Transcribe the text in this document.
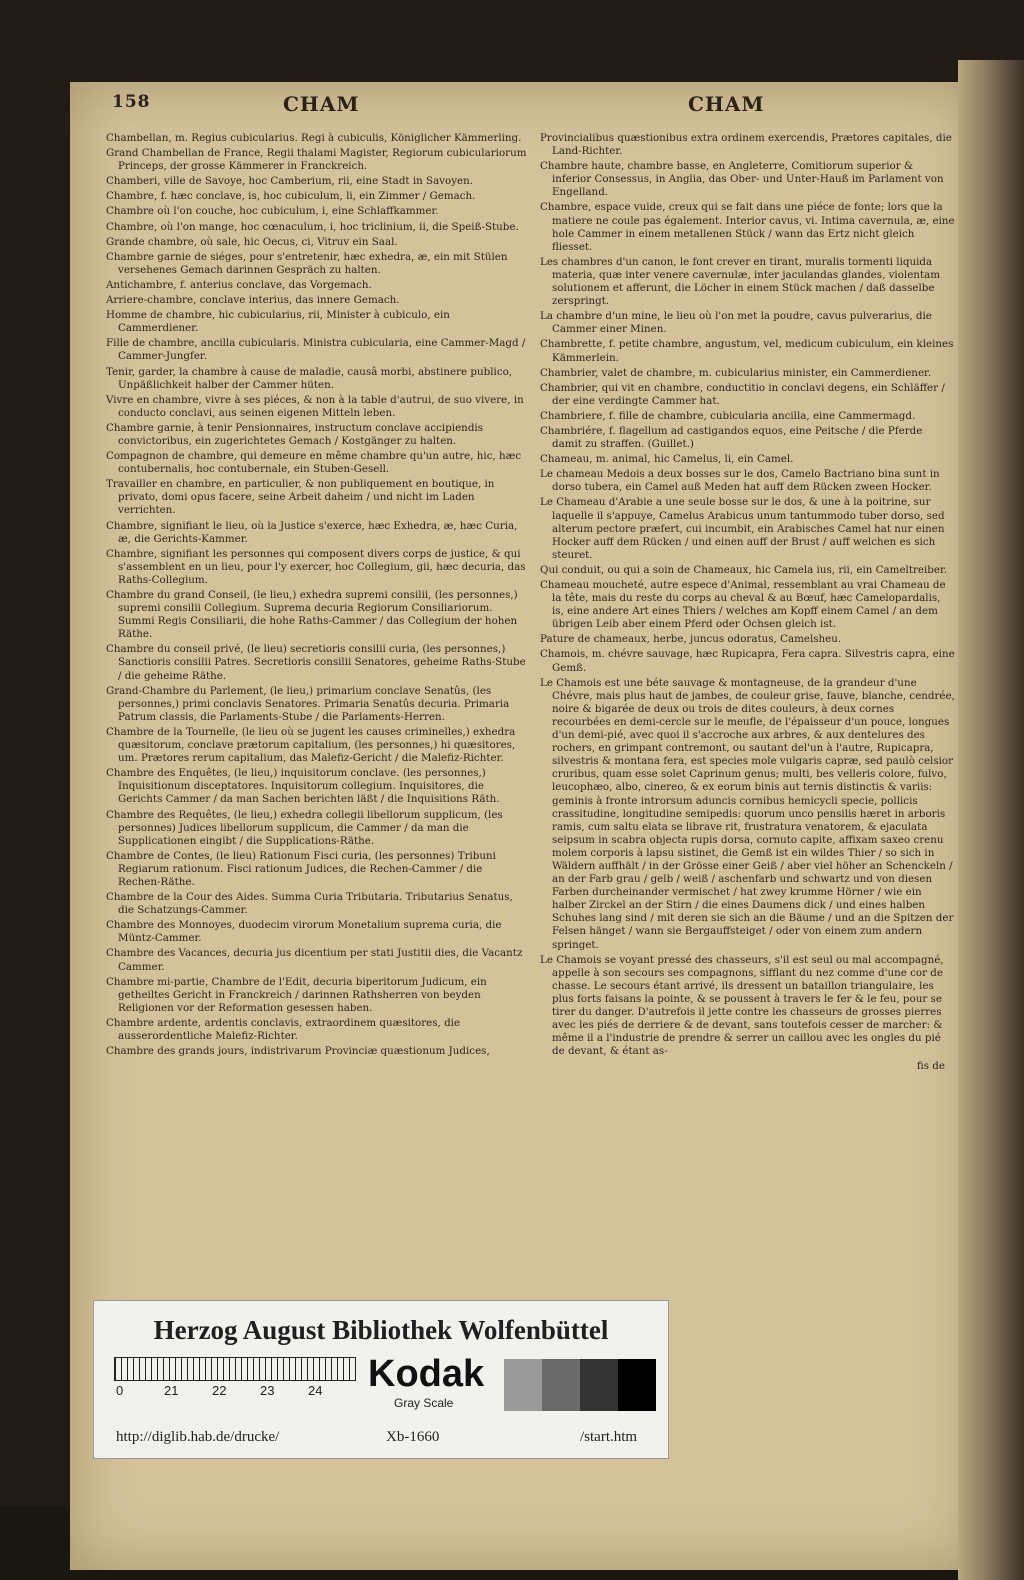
158	CHAM	CHAM
Chambellan, m. Regius cubicularius. Regi à cubiculis, Königlicher Kämmerling.
Grand Chambellan de France, Regii thalami Magister, Regiorum cubiculariorum Princeps, der grosse Kämmerer in Franckreich.
Chamberi, ville de Savoye, hoc Camberium, rii, eine Stadt in Savoyen.
Chambre, f. hæc conclave, is, hoc cubiculum, li, ein Zimmer / Gemach.
Chambre où l'on couche, hoc cubiculum, i, eine Schlaffkammer.
Chambre, où l'on mange, hoc cœnaculum, i, hoc triclinium, ii, die Speiß-Stube.
Grande chambre, où sale, hic Oecus, ci, Vitruv ein Saal.
Chambre garnie de siéges, pour s'entretenir, hæc exhedra, æ, ein mit Stülen versehenes Gemach darinnen Gespräch zu halten.
Antichambre, f. anterius conclave, das Vorgemach.
Arriere-chambre, conclave interius, das innere Gemach.
Homme de chambre, hic cubicularius, rii, Minister à cubiculo, ein Cammerdiener.
Fille de chambre, ancilla cubicularis. Ministra cubicularia, eine Cammer-Magd / Cammer-Jungfer.
Tenir, garder, la chambre à cause de maladie, causâ morbi, abstinere publico, Unpäßlichkeit halber der Cammer hüten.
Vivre en chambre, vivre à ses piéces, & non à la table d'autrui, de suo vivere, in conducto conclavi, aus seinen eigenen Mitteln leben.
Chambre garnie, à tenir Pensionnaires, instructum conclave accipiendis convictoribus, ein zugerichtetes Gemach / Kostgänger zu halten.
Compagnon de chambre, qui demeure en même chambre qu'un autre, hic, hæc contubernalis, hoc contubernale, ein Stuben-Gesell.
Travailler en chambre, en particulier, & non publiquement en boutique, in privato, domi opus facere, seine Arbeit daheim / und nicht im Laden verrichten.
Chambre, signifiant le lieu, où la Justice s'exerce, hæc Exhedra, æ, hæc Curia, æ, die Gerichts-Kammer.
Chambre, signifiant les personnes qui composent divers corps de justice, & qui s'assemblent en un lieu, pour l'y exercer, hoc Collegium, gii, hæc decuria, das Raths-Collegium.
Chambre du grand Conseil, (le lieu,) exhedra supremi consilii, (les personnes,) supremi consilii Collegium. Suprema decuria Regiorum Consiliariorum. Summi Regis Consiliarii, die hohe Raths-Cammer / das Collegium der hohen Räthe.
Chambre du conseil privé, (le lieu) secretioris consilii curia, (les personnes,) Sanctioris consilii Patres. Secretioris consilii Senatores, geheime Raths-Stube / die geheime Räthe.
Grand-Chambre du Parlement, (le lieu,) primarium conclave Senatûs, (les personnes,) primi conclavis Senatores. Primaria Senatûs decuria. Primaria Patrum classis, die Parlaments-Stube / die Parlaments-Herren.
Chambre de la Tournelle, (le lieu où se jugent les causes criminelles,) exhedra quæsitorum, conclave prætorum capitalium, (les personnes,) hi quæsitores, um. Prætores rerum capitalium, das Malefiz-Gericht / die Malefiz-Richter.
Chambre des Enquêtes, (le lieu,) inquisitorum conclave. (les personnes,) Inquisitionum disceptatores. Inquisitorum collegium. Inquisitores, die Gerichts Cammer / da man Sachen berichten läßt / die Inquisitions Räth.
Chambre des Requêtes, (le lieu,) exhedra collegii libellorum supplicum, (les personnes) Judices libellorum supplicum, die Cammer / da man die Supplicationen eingibt / die Supplications-Räthe.
Chambre de Contes, (le lieu) Rationum Fisci curia, (les personnes) Tribuni Regiarum rationum. Fisci rationum Judices, die Rechen-Cammer / die Rechen-Räthe.
Chambre de la Cour des Aides. Summa Curia Tributaria. Tributarius Senatus, die Schatzungs-Cammer.
Chambre des Monnoyes, duodecim virorum Monetalium suprema curia, die Müntz-Cammer.
Chambre des Vacances, decuria jus dicentium per stati Justitii dies, die Vacantz Cammer.
Chambre mi-partie, Chambre de l'Edit, decuria biperitorum Judicum, ein getheiltes Gericht in Franckreich / darinnen Rathsherren von beyden Religionen vor der Reformation gesessen haben.
Chambre ardente, ardentis conclavis, extraordinem quæsitores, die ausserordentliche Malefiz-Richter.
Chambre des grands jours, indistrivarum Provinciæ quæstionum Judices,
Provincialibus quæstionibus extra ordinem exercendis, Prætores capitales, die Land-Richter.
Chambre haute, chambre basse, en Angleterre, Comitiorum superior & inferior Consessus, in Anglia, das Ober- und Unter-Hauß im Parlament von Engelland.
Chambre, espace vuide, creux qui se fait dans une piéce de fonte; lors que la matiere ne coule pas également. Interior cavus, vi. Intima cavernula, æ, eine hole Cammer in einem metallenen Stück / wann das Ertz nicht gleich fliesset.
Les chambres d'un canon, le font crever en tirant, muralis tormenti liquida materia, quæ inter venere cavernulæ, inter jaculandas glandes, violentam solutionem et afferunt, die Löcher in einem Stück machen / daß dasselbe zerspringt.
La chambre d'un mine, le lieu où l'on met la poudre, cavus pulverarius, die Cammer einer Minen.
Chambrette, f. petite chambre, angustum, vel, medicum cubiculum, ein kleines Kämmerlein.
Chambrier, valet de chambre, m. cubicularius minister, ein Cammerdiener.
Chambrier, qui vit en chambre, conductitio in conclavi degens, ein Schläffer / der eine verdingte Cammer hat.
Chambriere, f. fille de chambre, cubicularia ancilla, eine Cammermagd.
Chambriére, f. flagellum ad castigandos equos, eine Peitsche / die Pferde damit zu straffen. (Guillet.)
Chameau, m. animal, hic Camelus, li, ein Camel.
Le chameau Medois a deux bosses sur le dos, Camelo Bactriano bina sunt in dorso tubera, ein Camel auß Meden hat auff dem Rücken zween Hocker.
Le Chameau d'Arabie a une seule bosse sur le dos, & une à la poitrine, sur laquelle il s'appuye, Camelus Arabicus unum tantummodo tuber dorso, sed alterum pectore præfert, cui incumbit, ein Arabisches Camel hat nur einen Hocker auff dem Rücken / und einen auff der Brust / auff welchen es sich steuret.
Qui conduit, ou qui a soin de Chameaux, hic Camela ius, rii, ein Cameltreiber.
Chameau moucheté, autre espece d'Animal, ressemblant au vrai Chameau de la tête, mais du reste du corps au cheval & au Bœuf, hæc Camelopardalis, is, eine andere Art eines Thiers / welches am Kopff einem Camel / an dem übrigen Leib aber einem Pferd oder Ochsen gleich ist.
Pature de chameaux, herbe, juncus odoratus, Camelsheu.
Chamois, m. chévre sauvage, hæc Rupicapra, Fera capra. Silvestris capra, eine Gemß.
Le Chamois est une béte sauvage & montagneuse, de la grandeur d'une Chévre, mais plus haut de jambes, de couleur grise, fauve, blanche, cendrée, noire & bigarée de deux ou trois de dites couleurs, à deux cornes recourbées en demi-cercle sur le meufle, de l'épaisseur d'un pouce, longues d'un demi-pié, avec quoi il s'accroche aux arbres, & aux dentelures des rochers, en grimpant contremont, ou sautant del'un à l'autre, Rupicapra, silvestris & montana fera, est species mole vulgaris capræ, sed paulò celsior cruribus, quam esse solet Caprinum genus; multi, bes velleris colore, fulvo, leucophæo, albo, cinereo, & ex eorum binis aut ternis distinctis & variis: geminis à fronte introrsum aduncis cornibus hemicycli specie, pollicis crassitudine, longitudine semipedis: quorum unco pensilis hæret in arboris ramis, cum saltu elata se librave rit, frustratura venatorem, & ejaculata seipsum in scabra objecta rupis dorsa, cornuto capite, affixam saxeo crenu molem corporis à lapsu sistinet, die Gemß ist ein wildes Thier / so sich in Wäldern auffhält / in der Grösse einer Geiß / aber viel höher an Schenckeln / an der Farb grau / gelb / weiß / aschenfarb und schwartz und von diesen Farben durcheinander vermischet / hat zwey krumme Hörner / wie ein halber Zirckel an der Stirn / die eines Daumens dick / und eines halben Schuhes lang sind / mit deren sie sich an die Bäume / und an die Spitzen der Felsen hänget / wann sie Bergauffsteiget / oder von einem zum andern springet.
Le Chamois se voyant pressé des chasseurs, s'il est seul ou mal accompagné, appelle à son secours ses compagnons, sifflant du nez comme d'une cor de chasse. Le secours étant arrivé, ils dressent un bataillon triangulaire, les plus forts faisans la pointe, & se poussent à travers le fer & le feu, pour se tirer du danger. D'autrefois il jette contre les chasseurs de grosses pierres avec les piés de derriere & de devant, sans toutefois cesser de marcher: & même il a l'industrie de prendre & serrer un caillou avec les ongles du pié de devant, & étant as-
fis de
Herzog August Bibliothek Wolfenbüttel
0	21	22	23	24 Kodak
Gray Scale
http://diglib.hab.de/drucke/	Xb-1660	/start.htm
